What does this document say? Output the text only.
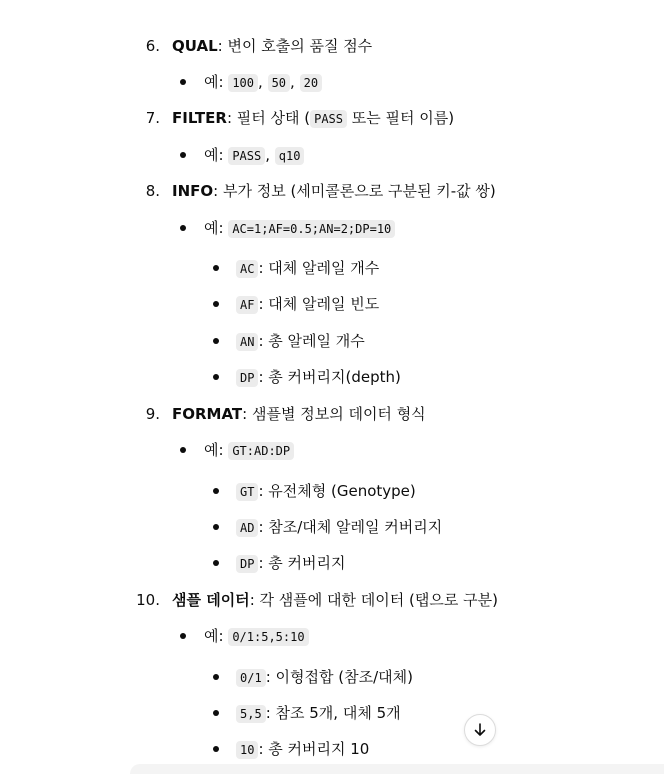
6. QUAL: 변이 호출의 품질 점수
예: 100 , 50 , 20
7. FILTER: 필터 상태 ( PASS 또는 필터 이름)
예: PASS , q10
8. INFO: 부가 정보 (세미콜론으로 구분된 키-값 쌍)
예: AC=1;AF=0.5;AN=2;DP=10
AC : 대체 알레일 개수
AF : 대체 알레일 빈도
AN : 총 알레일 개수
DP : 총 커버리지(depth)
9. FORMAT: 샘플별 정보의 데이터 형식
예: GT:AD:DP
GT : 유전체형 (Genotype)
AD : 참조/대체 알레일 커버리지
DP : 총 커버리지
10. 샘플 데이터: 각 샘플에 대한 데이터 (탭으로 구분)
예: 0/1:5,5:10
0/1 : 이형접합 (참조/대체)
5,5 : 참조 5개, 대체 5개
10 : 총 커버리지 10
